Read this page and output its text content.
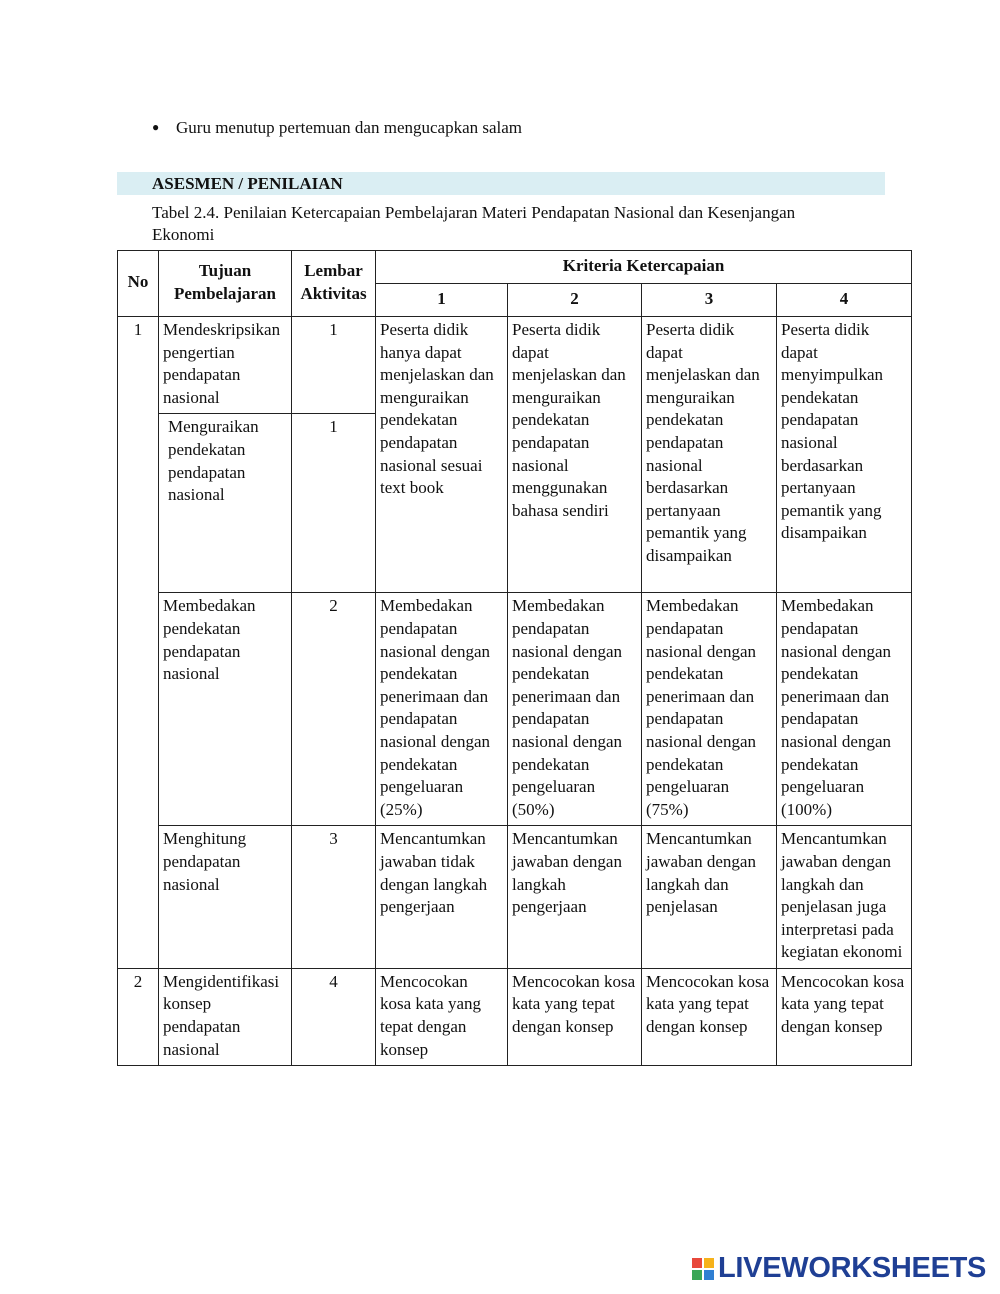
● Guru menutup pertemuan dan mengucapkan salam
ASESMEN / PENILAIAN
Tabel 2.4. Penilaian Ketercapaian Pembelajaran Materi Pendapatan Nasional dan Kesenjangan Ekonomi
No	Tujuan Pembelajaran	Lembar Aktivitas	Kriteria Ketercapaian			
			1	2	3	4
1	Mendeskripsikan pengertian pendapatan nasional	1	Peserta didik hanya dapat menjelaskan dan menguraikan pendekatan pendapatan nasional sesuai text book	Peserta didik dapat menjelaskan dan menguraikan pendekatan pendapatan nasional menggunakan bahasa sendiri	Peserta didik dapat menjelaskan dan menguraikan pendekatan pendapatan nasional berdasarkan pertanyaan pemantik yang disampaikan	Peserta didik dapat menyimpulkan pendekatan pendapatan nasional berdasarkan pertanyaan pemantik yang disampaikan
	Menguraikan pendekatan pendapatan nasional	1				
	Membedakan pendekatan pendapatan nasional	2	Membedakan pendapatan nasional dengan pendekatan penerimaan dan pendapatan nasional dengan pendekatan pengeluaran (25%)	Membedakan pendapatan nasional dengan pendekatan penerimaan dan pendapatan nasional dengan pendekatan pengeluaran (50%)	Membedakan pendapatan nasional dengan pendekatan penerimaan dan pendapatan nasional dengan pendekatan pengeluaran (75%)	Membedakan pendapatan nasional dengan pendekatan penerimaan dan pendapatan nasional dengan pendekatan pengeluaran (100%)
	Menghitung pendapatan nasional	3	Mencantumkan jawaban tidak dengan langkah pengerjaan	Mencantumkan jawaban dengan langkah pengerjaan	Mencantumkan jawaban dengan langkah dan penjelasan	Mencantumkan jawaban dengan langkah dan penjelasan juga interpretasi pada kegiatan ekonomi
2	Mengidentifikasi konsep pendapatan nasional	4	Mencocokan kosa kata yang tepat dengan konsep	Mencocokan kosa kata yang tepat dengan konsep	Mencocokan kosa kata yang tepat dengan konsep	Mencocokan kosa kata yang tepat dengan konsep
LIVEWORKSHEETS
